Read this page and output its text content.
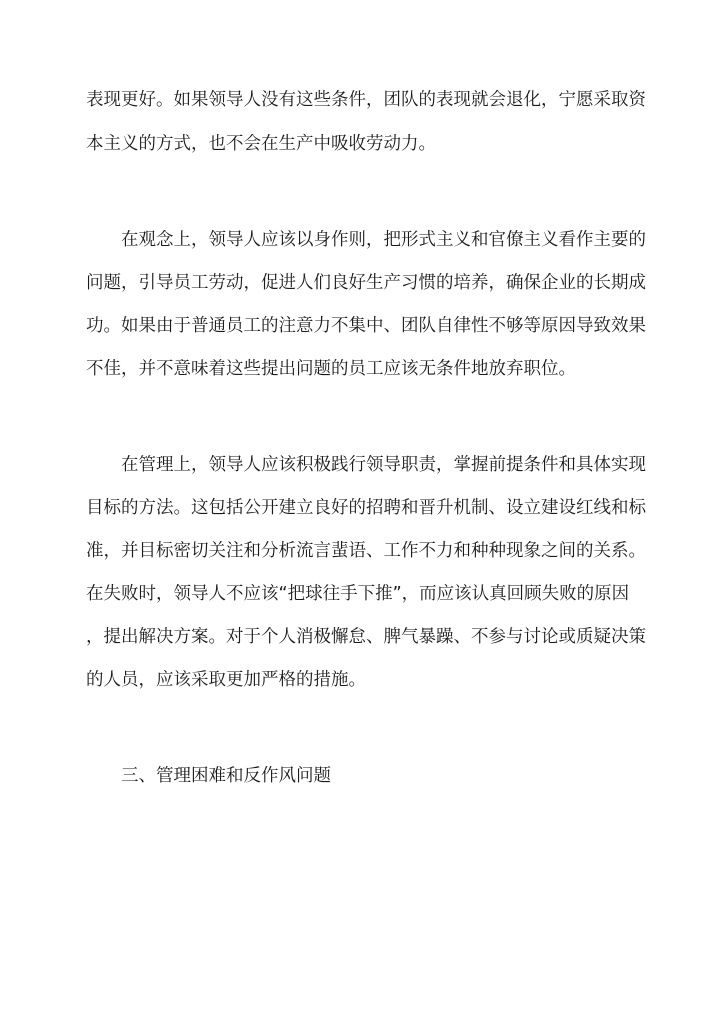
表现更好。如果领导人没有这些条件，团队的表现就会退化，宁愿采取资
本主义的方式，也不会在生产中吸收劳动力。
在观念上，领导人应该以身作则，把形式主义和官僚主义看作主要的
问题，引导员工劳动，促进人们良好生产习惯的培养，确保企业的长期成
功。如果由于普通员工的注意力不集中、团队自律性不够等原因导致效果
不佳，并不意味着这些提出问题的员工应该无条件地放弃职位。
在管理上，领导人应该积极践行领导职责，掌握前提条件和具体实现
目标的方法。这包括公开建立良好的招聘和晋升机制、设立建设红线和标
准，并目标密切关注和分析流言蜚语、工作不力和种种现象之间的关系。
在失败时，领导人不应该“把球往手下推”，而应该认真回顾失败的原因
，提出解决方案。对于个人消极懈怠、脾气暴躁、不参与讨论或质疑决策
的人员，应该采取更加严格的措施。
三、管理困难和反作风问题
